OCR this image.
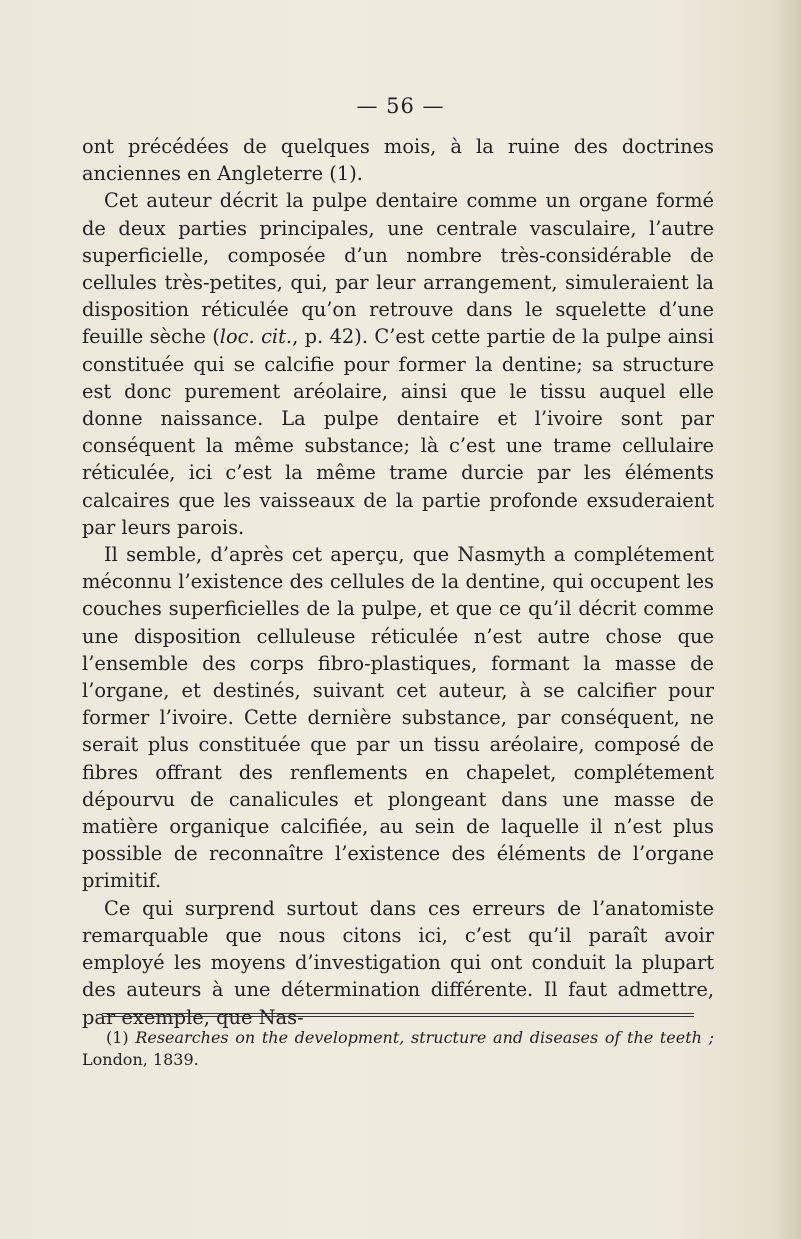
— 56 —

ont précédées de quelques mois, à la ruine des doctrines anciennes en Angleterre (1).

Cet auteur décrit la pulpe dentaire comme un organe formé de deux parties principales, une centrale vasculaire, l’autre superficielle, composée d’un nombre très-considérable de cellules très-petites, qui, par leur arrangement, simuleraient la disposition réticulée qu’on retrouve dans le squelette d’une feuille sèche (loc. cit., p. 42). C’est cette partie de la pulpe ainsi constituée qui se calcifie pour former la dentine; sa structure est donc purement aréolaire, ainsi que le tissu auquel elle donne naissance. La pulpe dentaire et l’ivoire sont par conséquent la même substance; là c’est une trame cellulaire réticulée, ici c’est la même trame durcie par les éléments calcaires que les vaisseaux de la partie profonde exsuderaient par leurs parois.

Il semble, d’après cet aperçu, que Nasmyth a complétement méconnu l’existence des cellules de la dentine, qui occupent les couches superficielles de la pulpe, et que ce qu’il décrit comme une disposition celluleuse réticulée n’est autre chose que l’ensemble des corps fibro-plastiques, formant la masse de l’organe, et destinés, suivant cet auteur, à se calcifier pour former l’ivoire. Cette dernière substance, par conséquent, ne serait plus constituée que par un tissu aréolaire, composé de fibres offrant des renflements en chapelet, complétement dépourvu de canalicules et plongeant dans une masse de matière organique calcifiée, au sein de laquelle il n’est plus possible de reconnaître l’existence des éléments de l’organe primitif.

Ce qui surprend surtout dans ces erreurs de l’anatomiste remarquable que nous citons ici, c’est qu’il paraît avoir employé les moyens d’investigation qui ont conduit la plupart des auteurs à une détermination différente. Il faut admettre, par exemple, que Nas-

(1) Researches on the development, structure and diseases of the teeth ; London, 1839.
